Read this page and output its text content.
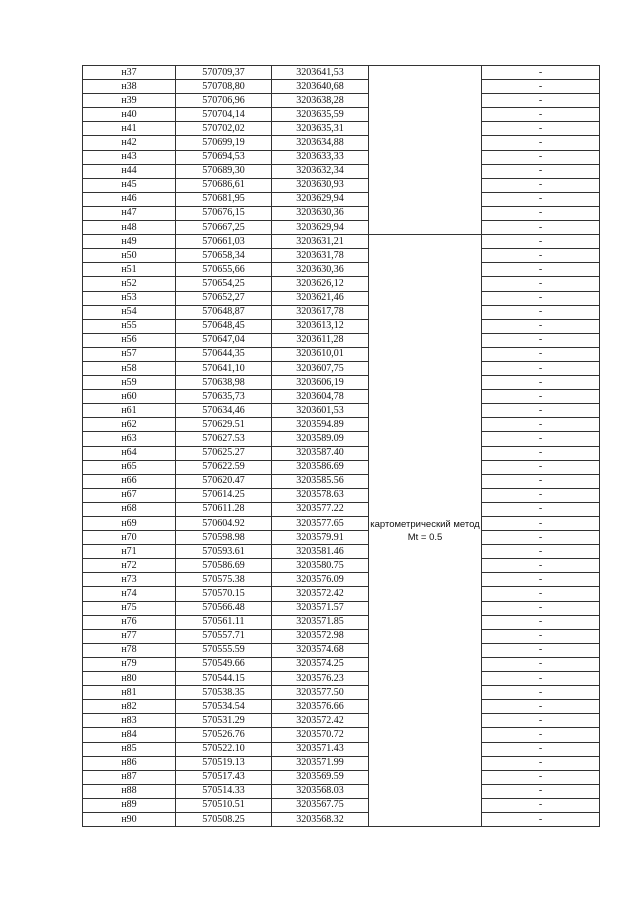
н37	570709,37	3203641,53		-
н38	570708,80	3203640,68		-
н39	570706,96	3203638,28		-
н40	570704,14	3203635,59		-
н41	570702,02	3203635,31		-
н42	570699,19	3203634,88		-
н43	570694,53	3203633,33		-
н44	570689,30	3203632,34		-
н45	570686,61	3203630,93		-
н46	570681,95	3203629,94		-
н47	570676,15	3203630,36		-
н48	570667,25	3203629,94		-
н49	570661,03	3203631,21	картометрический метод Mt = 0.5	-
н50	570658,34	3203631,78		-
н51	570655,66	3203630,36		-
н52	570654,25	3203626,12		-
н53	570652,27	3203621,46		-
н54	570648,87	3203617,78		-
н55	570648,45	3203613,12		-
н56	570647,04	3203611,28		-
н57	570644,35	3203610,01		-
н58	570641,10	3203607,75		-
н59	570638,98	3203606,19		-
н60	570635,73	3203604,78		-
н61	570634,46	3203601,53		-
н62	570629.51	3203594.89		-
н63	570627.53	3203589.09		-
н64	570625.27	3203587.40		-
н65	570622.59	3203586.69		-
н66	570620.47	3203585.56		-
н67	570614.25	3203578.63		-
н68	570611.28	3203577.22		-
н69	570604.92	3203577.65		-
н70	570598.98	3203579.91		-
н71	570593.61	3203581.46		-
н72	570586.69	3203580.75		-
н73	570575.38	3203576.09		-
н74	570570.15	3203572.42		-
н75	570566.48	3203571.57		-
н76	570561.11	3203571.85		-
н77	570557.71	3203572.98		-
н78	570555.59	3203574.68		-
н79	570549.66	3203574.25		-
н80	570544.15	3203576.23		-
н81	570538.35	3203577.50		-
н82	570534.54	3203576.66		-
н83	570531.29	3203572.42		-
н84	570526.76	3203570.72		-
н85	570522.10	3203571.43		-
н86	570519.13	3203571.99		-
н87	570517.43	3203569.59		-
н88	570514.33	3203568.03		-
н89	570510.51	3203567.75		-
н90	570508.25	3203568.32		-
